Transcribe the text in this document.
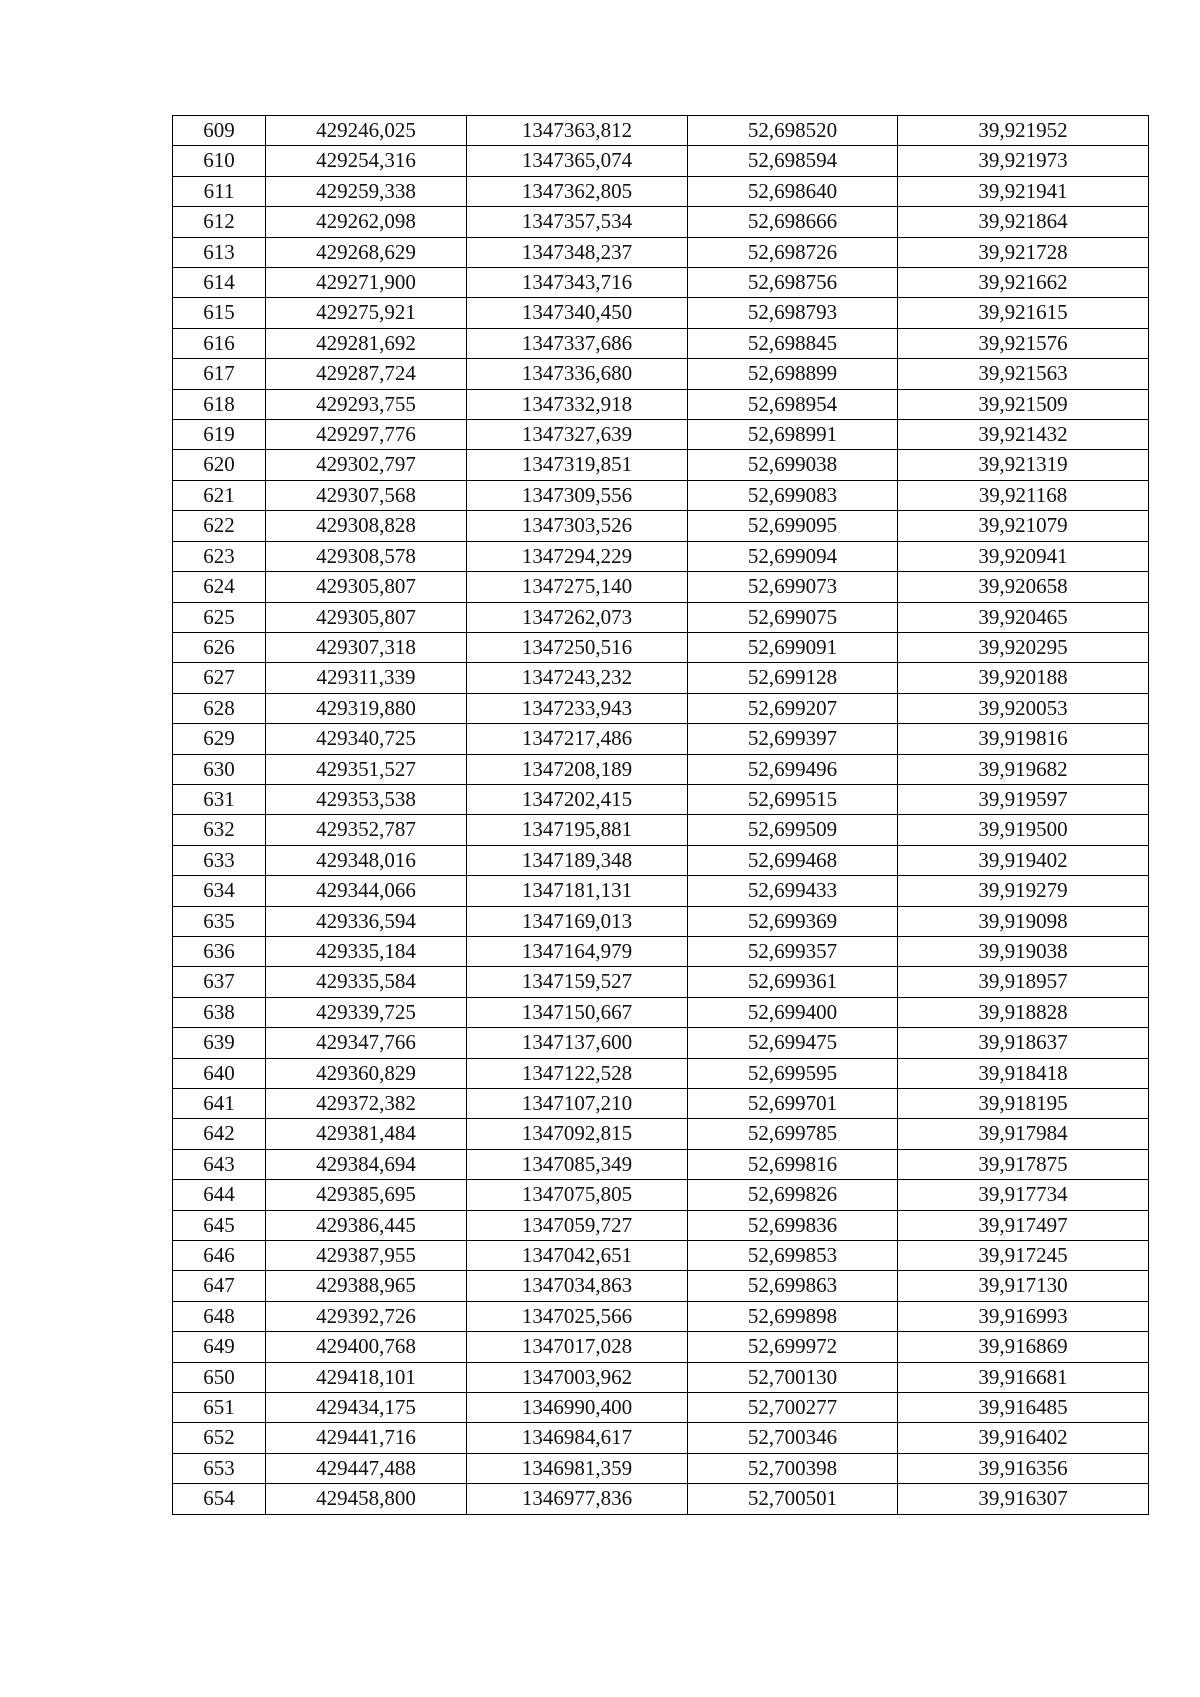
609	429246,025	1347363,812	52,698520	39,921952
610	429254,316	1347365,074	52,698594	39,921973
611	429259,338	1347362,805	52,698640	39,921941
612	429262,098	1347357,534	52,698666	39,921864
613	429268,629	1347348,237	52,698726	39,921728
614	429271,900	1347343,716	52,698756	39,921662
615	429275,921	1347340,450	52,698793	39,921615
616	429281,692	1347337,686	52,698845	39,921576
617	429287,724	1347336,680	52,698899	39,921563
618	429293,755	1347332,918	52,698954	39,921509
619	429297,776	1347327,639	52,698991	39,921432
620	429302,797	1347319,851	52,699038	39,921319
621	429307,568	1347309,556	52,699083	39,921168
622	429308,828	1347303,526	52,699095	39,921079
623	429308,578	1347294,229	52,699094	39,920941
624	429305,807	1347275,140	52,699073	39,920658
625	429305,807	1347262,073	52,699075	39,920465
626	429307,318	1347250,516	52,699091	39,920295
627	429311,339	1347243,232	52,699128	39,920188
628	429319,880	1347233,943	52,699207	39,920053
629	429340,725	1347217,486	52,699397	39,919816
630	429351,527	1347208,189	52,699496	39,919682
631	429353,538	1347202,415	52,699515	39,919597
632	429352,787	1347195,881	52,699509	39,919500
633	429348,016	1347189,348	52,699468	39,919402
634	429344,066	1347181,131	52,699433	39,919279
635	429336,594	1347169,013	52,699369	39,919098
636	429335,184	1347164,979	52,699357	39,919038
637	429335,584	1347159,527	52,699361	39,918957
638	429339,725	1347150,667	52,699400	39,918828
639	429347,766	1347137,600	52,699475	39,918637
640	429360,829	1347122,528	52,699595	39,918418
641	429372,382	1347107,210	52,699701	39,918195
642	429381,484	1347092,815	52,699785	39,917984
643	429384,694	1347085,349	52,699816	39,917875
644	429385,695	1347075,805	52,699826	39,917734
645	429386,445	1347059,727	52,699836	39,917497
646	429387,955	1347042,651	52,699853	39,917245
647	429388,965	1347034,863	52,699863	39,917130
648	429392,726	1347025,566	52,699898	39,916993
649	429400,768	1347017,028	52,699972	39,916869
650	429418,101	1347003,962	52,700130	39,916681
651	429434,175	1346990,400	52,700277	39,916485
652	429441,716	1346984,617	52,700346	39,916402
653	429447,488	1346981,359	52,700398	39,916356
654	429458,800	1346977,836	52,700501	39,916307
